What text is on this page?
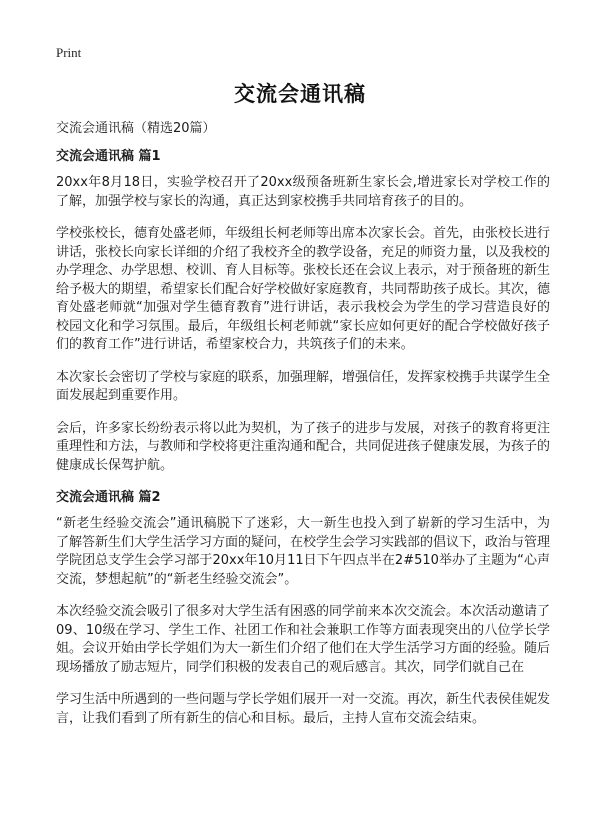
Print
交流会通讯稿
交流会通讯稿（精选20篇）
交流会通讯稿 篇1

20xx年8月18日，实验学校召开了20xx级预备班新生家长会,增进家长对学校工作的了解，加强学校与家长的沟通，真正达到家校携手共同培育孩子的目的。

学校张校长，德育处盛老师，年级组长柯老师等出席本次家长会。首先，由张校长进行讲话，张校长向家长详细的介绍了我校齐全的教学设备，充足的师资力量，以及我校的办学理念、办学思想、校训、育人目标等。张校长还在会议上表示，对于预备班的新生给予极大的期望，希望家长们配合好学校做好家庭教育，共同帮助孩子成长。其次，德育处盛老师就“加强对学生德育教育”进行讲话，表示我校会为学生的学习营造良好的校园文化和学习氛围。最后，年级组长柯老师就“家长应如何更好的配合学校做好孩子们的教育工作”进行讲话，希望家校合力，共筑孩子们的未来。

本次家长会密切了学校与家庭的联系，加强理解，增强信任，发挥家校携手共谋学生全面发展起到重要作用。

会后，许多家长纷纷表示将以此为契机，为了孩子的进步与发展，对孩子的教育将更注重理性和方法，与教师和学校将更注重沟通和配合，共同促进孩子健康发展，为孩子的健康成长保驾护航。

交流会通讯稿 篇2

“新老生经验交流会”通讯稿脱下了迷彩，大一新生也投入到了崭新的学习生活中，为了解答新生们大学生活学习方面的疑问，在校学生会学习实践部的倡议下，政治与管理学院团总支学生会学习部于20xx年10月11日下午四点半在2#510举办了主题为“心声交流，梦想起航”的“新老生经验交流会”。

本次经验交流会吸引了很多对大学生活有困惑的同学前来本次交流会。本次活动邀请了09、10级在学习、学生工作、社团工作和社会兼职工作等方面表现突出的八位学长学姐。会议开始由学长学姐们为大一新生们介绍了他们在大学生活学习方面的经验。随后现场播放了励志短片，同学们积极的发表自己的观后感言。其次，同学们就自己在

学习生活中所遇到的一些问题与学长学姐们展开一对一交流。再次，新生代表侯佳妮发言，让我们看到了所有新生的信心和目标。最后，主持人宣布交流会结束。
